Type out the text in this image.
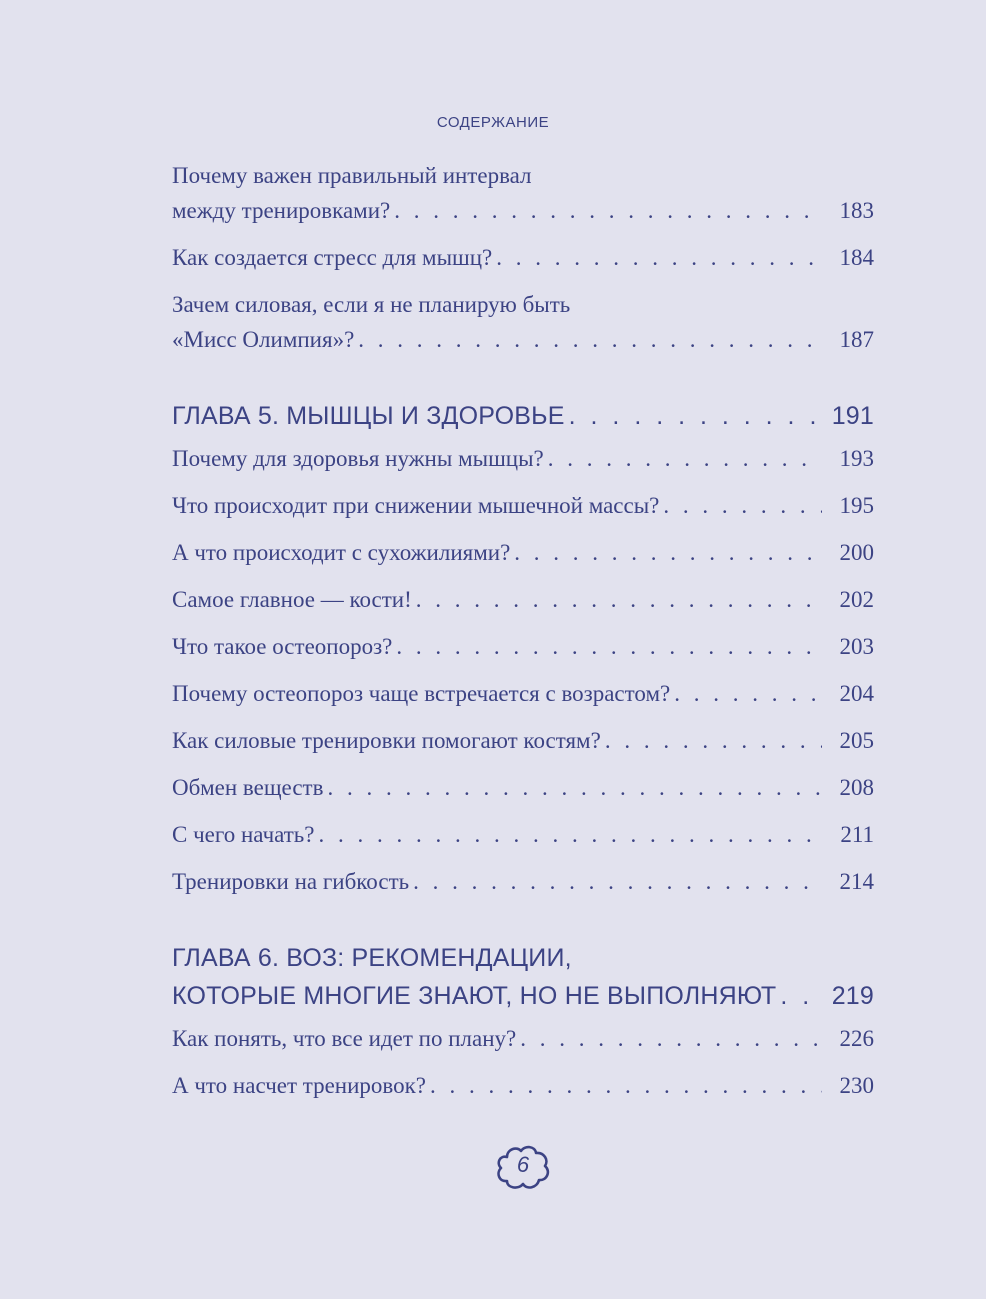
СОДЕРЖАНИЕ
Почему важен правильный интервал
между тренировками? . . .	183
Как создается стресс для мышц? . . .	184
Зачем силовая, если я не планирую быть
«Мисс Олимпия»? . . .	187
ГЛАВА 5. МЫШЦЫ И ЗДОРОВЬЕ . . .	191
Почему для здоровья нужны мышцы? . . .	193
Что происходит при снижении мышечной массы? . . .	195
А что происходит с сухожилиями? . . .	200
Самое главное — кости! . . .	202
Что такое остеопороз? . . .	203
Почему остеопороз чаще встречается с возрастом? . . .	204
Как силовые тренировки помогают костям? . . .	205
Обмен веществ . . .	208
С чего начать? . . .	211
Тренировки на гибкость . . .	214
ГЛАВА 6. ВОЗ: РЕКОМЕНДАЦИИ,
КОТОРЫЕ МНОГИЕ ЗНАЮТ, НО НЕ ВЫПОЛНЯЮТ . . .	219
Как понять, что все идет по плану? . . .	226
А что насчет тренировок? . . .	230
6
